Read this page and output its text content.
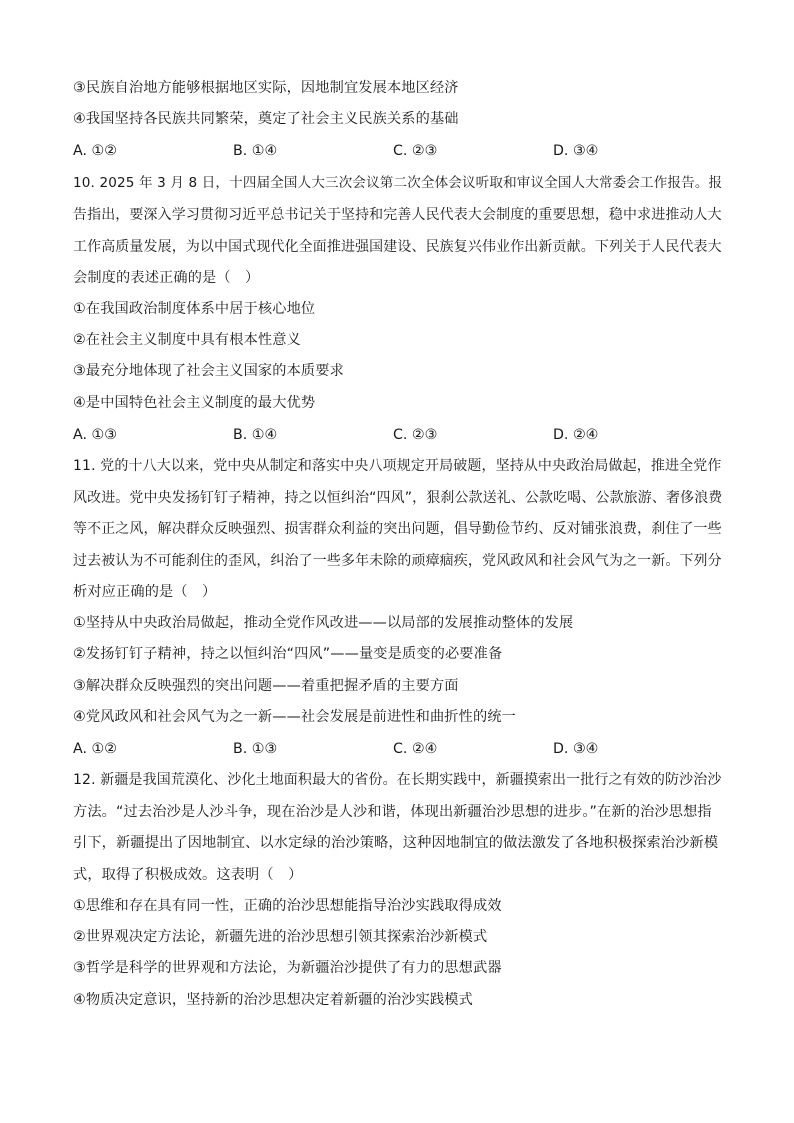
③民族自治地方能够根据地区实际，因地制宜发展本地区经济
④我国坚持各民族共同繁荣，奠定了社会主义民族关系的基础
A. ①②	B. ①④	C. ②③	D. ③④
10. 2025 年 3 月 8 日，十四届全国人大三次会议第二次全体会议听取和审议全国人大常委会工作报告。报
告指出，要深入学习贯彻习近平总书记关于坚持和完善人民代表大会制度的重要思想，稳中求进推动人大
工作高质量发展，为以中国式现代化全面推进强国建设、民族复兴伟业作出新贡献。下列关于人民代表大
会制度的表述正确的是（　）
①在我国政治制度体系中居于核心地位
②在社会主义制度中具有根本性意义
③最充分地体现了社会主义国家的本质要求
④是中国特色社会主义制度的最大优势
A. ①③	B. ①④	C. ②③	D. ②④
11. 党的十八大以来，党中央从制定和落实中央八项规定开局破题，坚持从中央政治局做起，推进全党作
风改进。党中央发扬钉钉子精神，持之以恒纠治“四风”，狠刹公款送礼、公款吃喝、公款旅游、奢侈浪费
等不正之风，解决群众反映强烈、损害群众利益的突出问题，倡导勤俭节约、反对铺张浪费，刹住了一些
过去被认为不可能刹住的歪风，纠治了一些多年未除的顽瘴痼疾，党风政风和社会风气为之一新。下列分
析对应正确的是（　）
①坚持从中央政治局做起，推动全党作风改进——以局部的发展推动整体的发展
②发扬钉钉子精神，持之以恒纠治“四风”——量变是质变的必要准备
③解决群众反映强烈的突出问题——着重把握矛盾的主要方面
④党风政风和社会风气为之一新——社会发展是前进性和曲折性的统一
A. ①②	B. ①③	C. ②④	D. ③④
12. 新疆是我国荒漠化、沙化土地面积最大的省份。在长期实践中，新疆摸索出一批行之有效的防沙治沙
方法。“过去治沙是人沙斗争，现在治沙是人沙和谐，体现出新疆治沙思想的进步。”在新的治沙思想指
引下，新疆提出了因地制宜、以水定绿的治沙策略，这种因地制宜的做法激发了各地积极探索治沙新模
式，取得了积极成效。这表明（　）
①思维和存在具有同一性，正确的治沙思想能指导治沙实践取得成效
②世界观决定方法论，新疆先进的治沙思想引领其探索治沙新模式
③哲学是科学的世界观和方法论，为新疆治沙提供了有力的思想武器
④物质决定意识，坚持新的治沙思想决定着新疆的治沙实践模式
